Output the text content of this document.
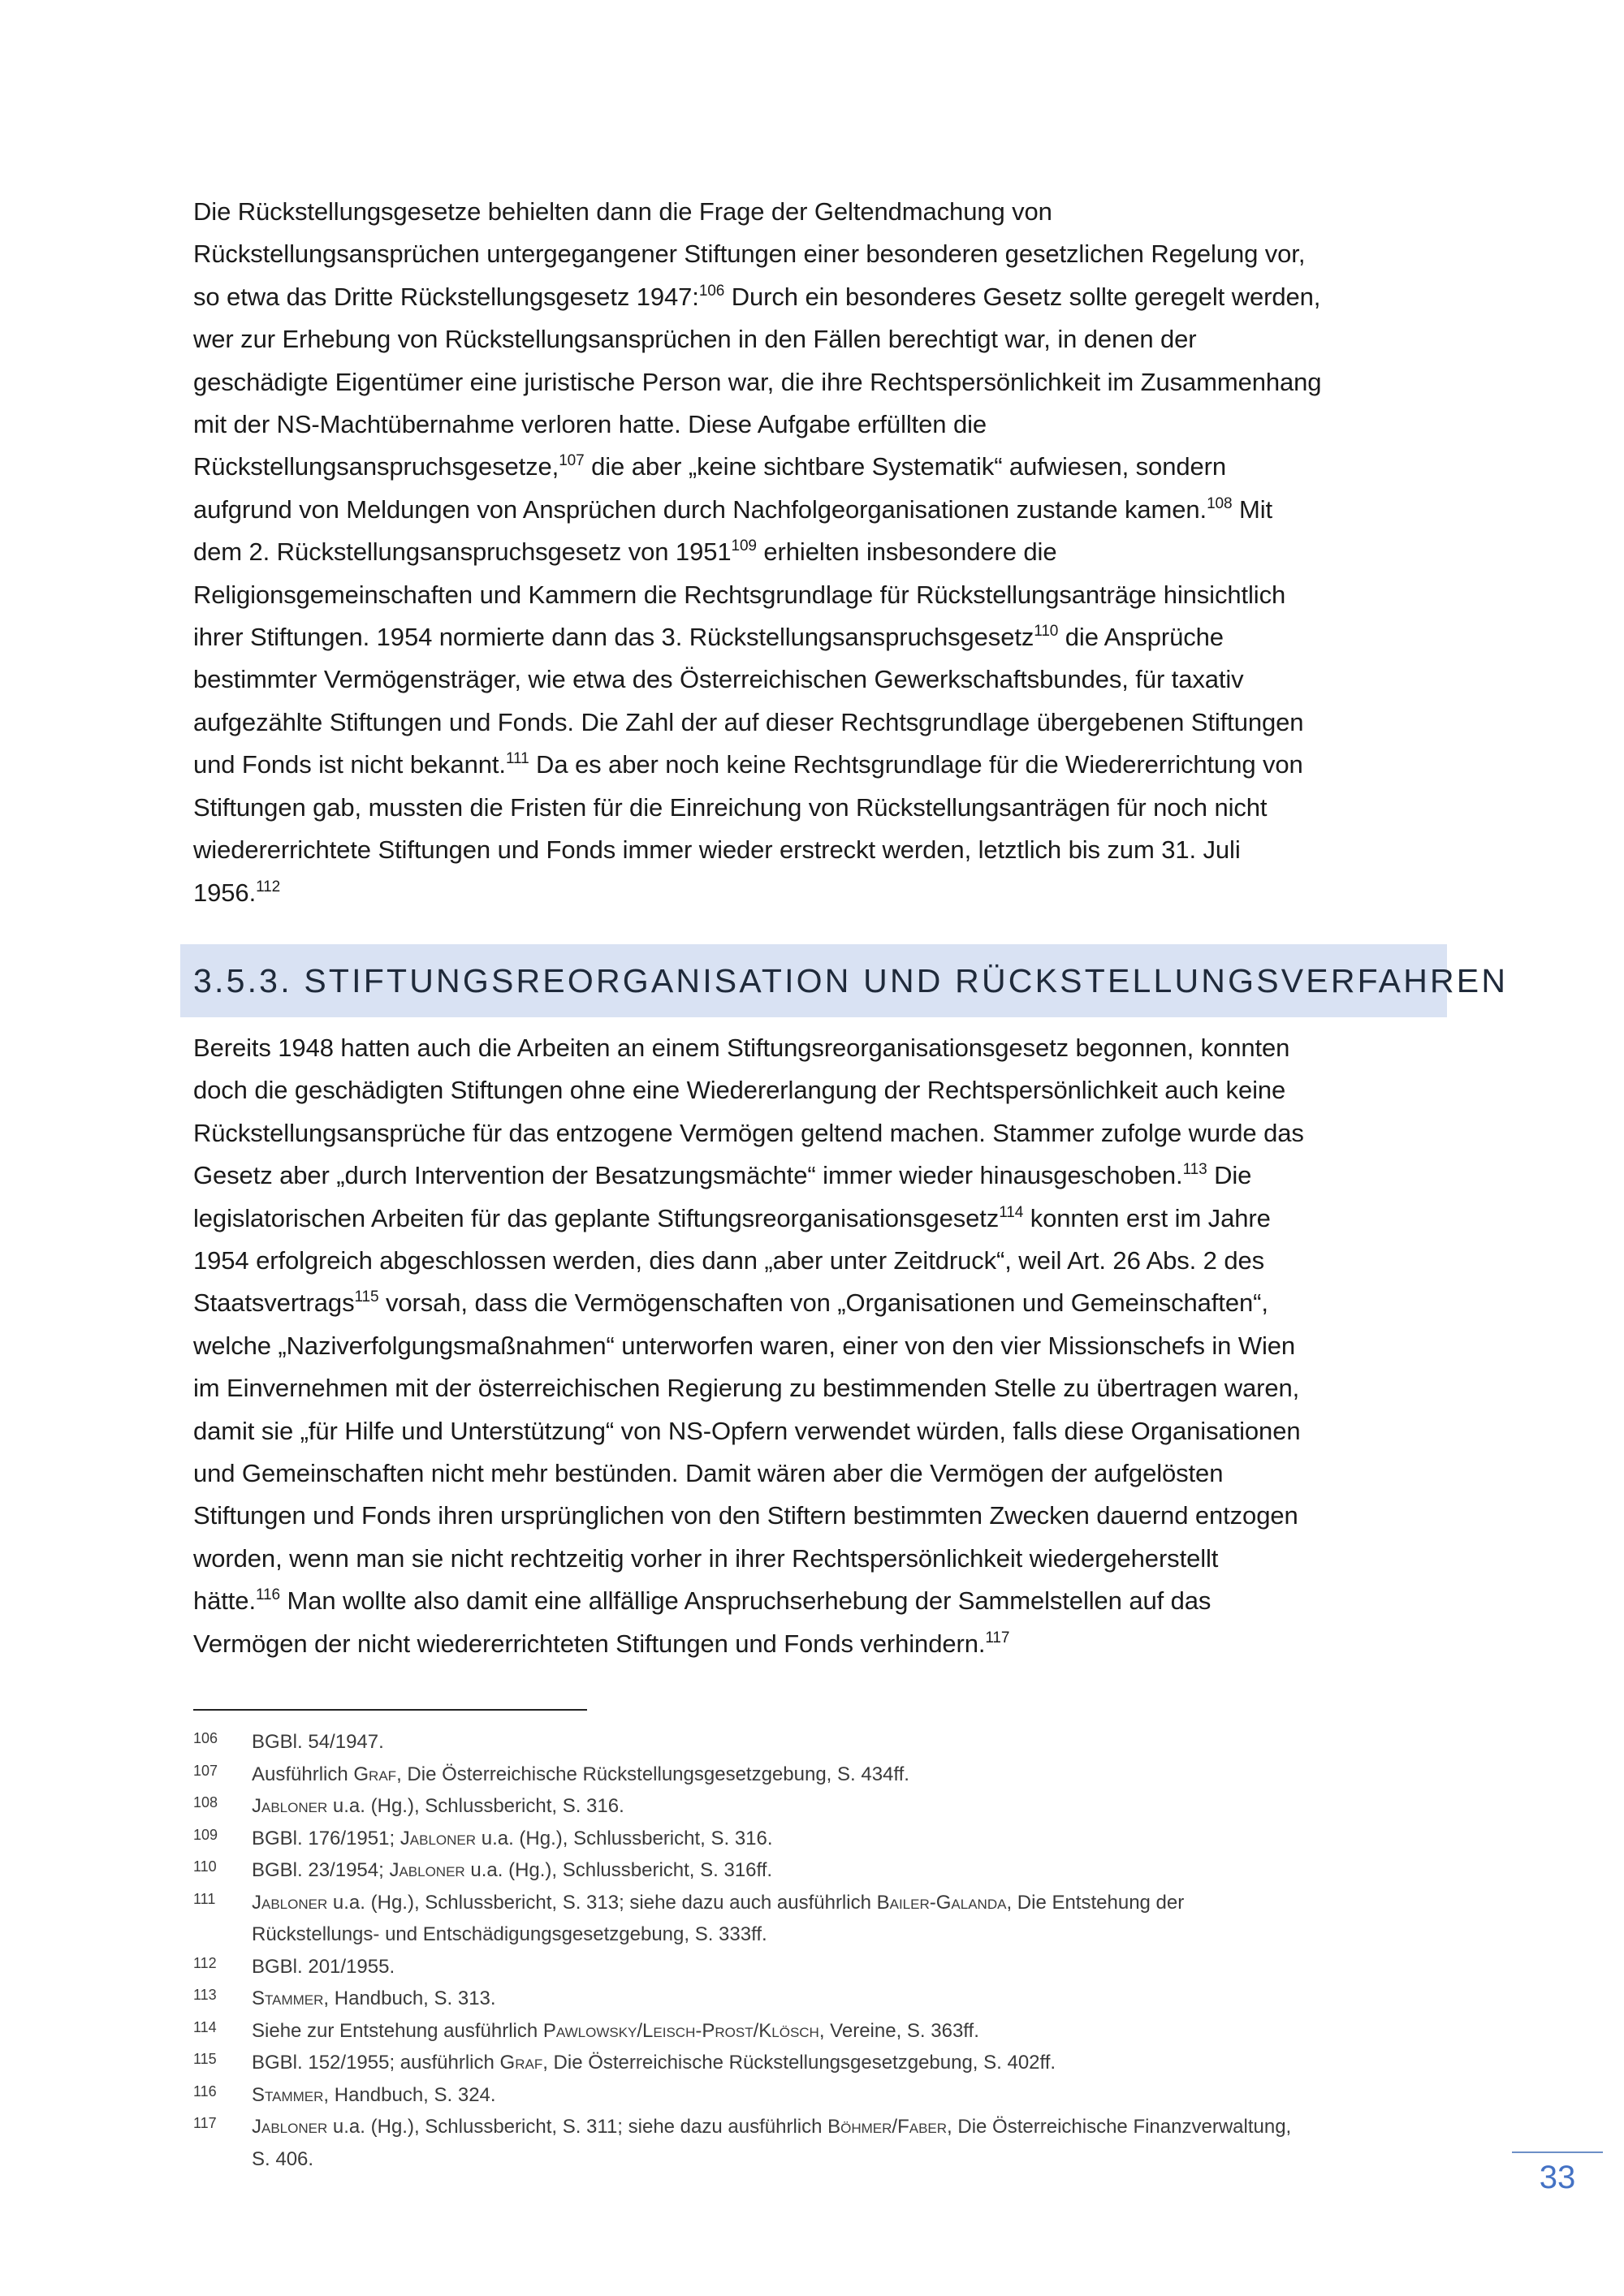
Die Rückstellungsgesetze behielten dann die Frage der Geltendmachung von
Rückstellungsansprüchen untergegangener Stiftungen einer besonderen gesetzlichen Regelung vor,
so etwa das Dritte Rückstellungsgesetz 1947:$^{106}$ Durch ein besonderes Gesetz sollte geregelt werden,
wer zur Erhebung von Rückstellungsansprüchen in den Fällen berechtigt war, in denen der
geschädigte Eigentümer eine juristische Person war, die ihre Rechtspersönlichkeit im Zusammenhang
mit der NS-Machtübernahme verloren hatte. Diese Aufgabe erfüllten die
Rückstellungsanspruchsgesetze,$^{107}$ die aber „keine sichtbare Systematik“ aufwiesen, sondern
aufgrund von Meldungen von Ansprüchen durch Nachfolgeorganisationen zustande kamen.$^{108}$ Mit
dem 2. Rückstellungsanspruchsgesetz von 1951$^{109}$ erhielten insbesondere die
Religionsgemeinschaften und Kammern die Rechtsgrundlage für Rückstellungsanträge hinsichtlich
ihrer Stiftungen. 1954 normierte dann das 3. Rückstellungsanspruchsgesetz$^{110}$ die Ansprüche
bestimmter Vermögensträger, wie etwa des Österreichischen Gewerkschaftsbundes, für taxativ
aufgezählte Stiftungen und Fonds. Die Zahl der auf dieser Rechtsgrundlage übergebenen Stiftungen
und Fonds ist nicht bekannt.$^{111}$ Da es aber noch keine Rechtsgrundlage für die Wiedererrichtung von
Stiftungen gab, mussten die Fristen für die Einreichung von Rückstellungsanträgen für noch nicht
wiedererrichtete Stiftungen und Fonds immer wieder erstreckt werden, letztlich bis zum 31. Juli
1956.$^{112}$
3.5.3. STIFTUNGSREORGANISATION UND RÜCKSTELLUNGSVERFAHREN
Bereits 1948 hatten auch die Arbeiten an einem Stiftungsreorganisationsgesetz begonnen, konnten
doch die geschädigten Stiftungen ohne eine Wiedererlangung der Rechtspersönlichkeit auch keine
Rückstellungsansprüche für das entzogene Vermögen geltend machen. Stammer zufolge wurde das
Gesetz aber „durch Intervention der Besatzungsmächte“ immer wieder hinausgeschoben.$^{113}$ Die
legislatorischen Arbeiten für das geplante Stiftungsreorganisationsgesetz$^{114}$ konnten erst im Jahre
1954 erfolgreich abgeschlossen werden, dies dann „aber unter Zeitdruck“, weil Art. 26 Abs. 2 des
Staatsvertrags$^{115}$ vorsah, dass die Vermögenschaften von „Organisationen und Gemeinschaften“,
welche „Naziverfolgungsmaßnahmen“ unterworfen waren, einer von den vier Missionschefs in Wien
im Einvernehmen mit der österreichischen Regierung zu bestimmenden Stelle zu übertragen waren,
damit sie „für Hilfe und Unterstützung“ von NS-Opfern verwendet würden, falls diese Organisationen
und Gemeinschaften nicht mehr bestünden. Damit wären aber die Vermögen der aufgelösten
Stiftungen und Fonds ihren ursprünglichen von den Stiftern bestimmten Zwecken dauernd entzogen
worden, wenn man sie nicht rechtzeitig vorher in ihrer Rechtspersönlichkeit wiedergeherstellt
hätte.$^{116}$ Man wollte also damit eine allfällige Anspruchserhebung der Sammelstellen auf das
Vermögen der nicht wiedererrichteten Stiftungen und Fonds verhindern.$^{117}$
106	BGBl. 54/1947.
107	Ausführlich Graf, Die Österreichische Rückstellungsgesetzgebung, S. 434ff.
108	Jabloner u.a. (Hg.), Schlussbericht, S. 316.
109	BGBl. 176/1951; Jabloner u.a. (Hg.), Schlussbericht, S. 316.
110	BGBl. 23/1954; Jabloner u.a. (Hg.), Schlussbericht, S. 316ff.
111	Jabloner u.a. (Hg.), Schlussbericht, S. 313; siehe dazu auch ausführlich Bailer-Galanda, Die Entstehung der
Rückstellungs- und Entschädigungsgesetzgebung, S. 333ff.
112	BGBl. 201/1955.
113	Stammer, Handbuch, S. 313.
114	Siehe zur Entstehung ausführlich Pawlowsky/Leisch-Prost/Klösch, Vereine, S. 363ff.
115	BGBl. 152/1955; ausführlich Graf, Die Österreichische Rückstellungsgesetzgebung, S. 402ff.
116	Stammer, Handbuch, S. 324.
117	Jabloner u.a. (Hg.), Schlussbericht, S. 311; siehe dazu ausführlich Böhmer/Faber, Die Österreichische Finanzverwaltung,
S. 406.
33
